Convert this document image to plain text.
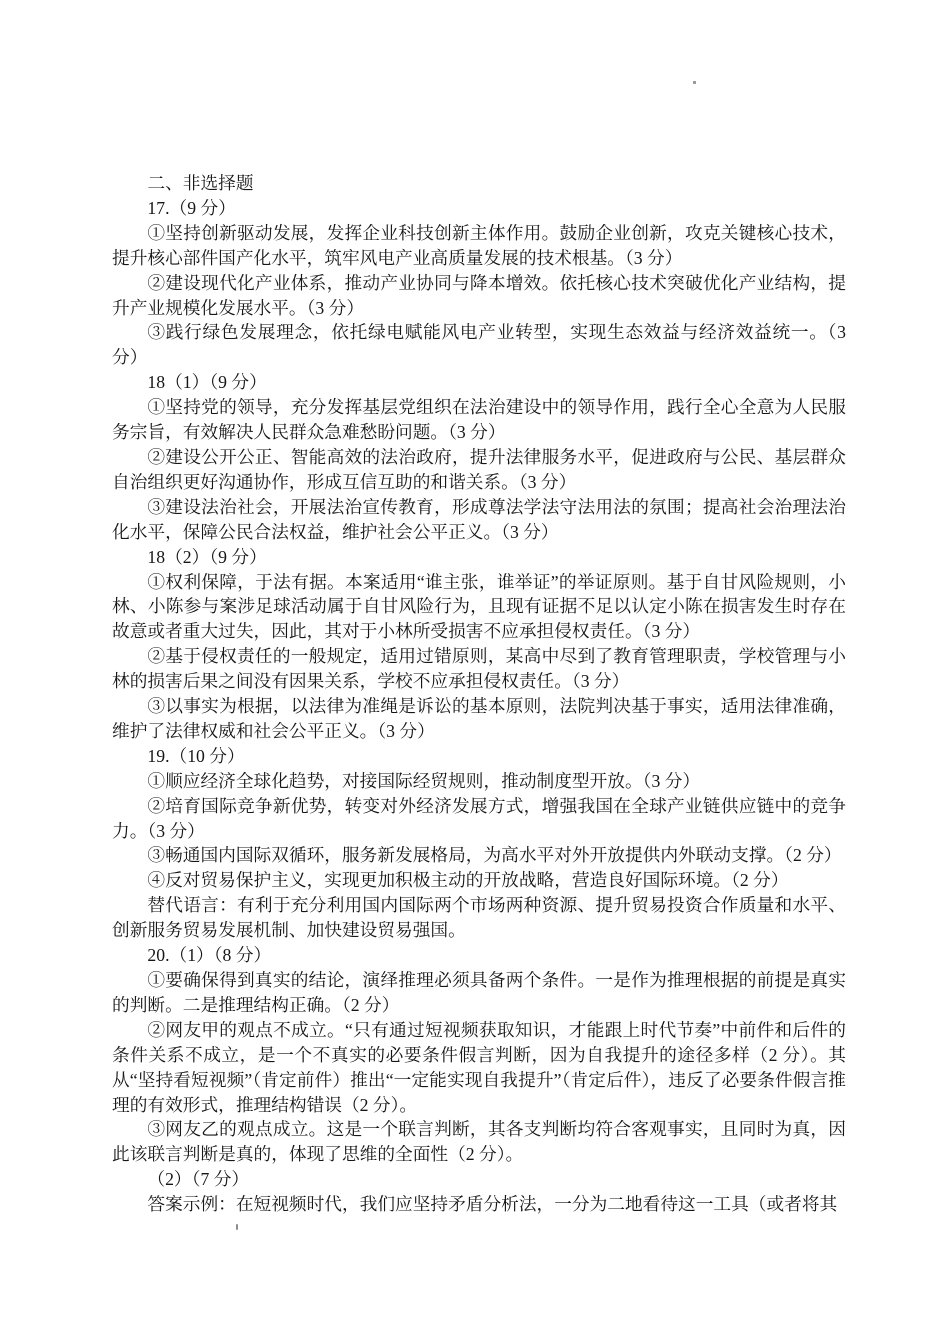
二、非选择题
17.（9 分）
①坚持创新驱动发展，发挥企业科技创新主体作用。鼓励企业创新，攻克关键核心技术，提升核心部件国产化水平，筑牢风电产业高质量发展的技术根基。（3 分）
②建设现代化产业体系，推动产业协同与降本增效。依托核心技术突破优化产业结构，提升产业规模化发展水平。（3 分）
③践行绿色发展理念，依托绿电赋能风电产业转型，实现生态效益与经济效益统一。（3 分）
18（1）（9 分）
①坚持党的领导，充分发挥基层党组织在法治建设中的领导作用，践行全心全意为人民服务宗旨，有效解决人民群众急难愁盼问题。（3 分）
②建设公开公正、智能高效的法治政府，提升法律服务水平，促进政府与公民、基层群众自治组织更好沟通协作，形成互信互助的和谐关系。（3 分）
③建设法治社会，开展法治宣传教育，形成尊法学法守法用法的氛围；提高社会治理法治化水平，保障公民合法权益，维护社会公平正义。（3 分）
18（2）（9 分）
①权利保障，于法有据。本案适用“谁主张，谁举证”的举证原则。基于自甘风险规则，小林、小陈参与案涉足球活动属于自甘风险行为，且现有证据不足以认定小陈在损害发生时存在故意或者重大过失，因此，其对于小林所受损害不应承担侵权责任。（3 分）
②基于侵权责任的一般规定，适用过错原则，某高中尽到了教育管理职责，学校管理与小林的损害后果之间没有因果关系，学校不应承担侵权责任。（3 分）
③以事实为根据，以法律为准绳是诉讼的基本原则，法院判决基于事实，适用法律准确，维护了法律权威和社会公平正义。（3 分）
19.（10 分）
①顺应经济全球化趋势，对接国际经贸规则，推动制度型开放。（3 分）
②培育国际竞争新优势，转变对外经济发展方式，增强我国在全球产业链供应链中的竞争力。（3 分）
③畅通国内国际双循环，服务新发展格局，为高水平对外开放提供内外联动支撑。（2 分）
④反对贸易保护主义，实现更加积极主动的开放战略，营造良好国际环境。（2 分）
替代语言：有利于充分利用国内国际两个市场两种资源、提升贸易投资合作质量和水平、创新服务贸易发展机制、加快建设贸易强国。
20.（1）（8 分）
①要确保得到真实的结论，演绎推理必须具备两个条件。一是作为推理根据的前提是真实的判断。二是推理结构正确。（2 分）
②网友甲的观点不成立。“只有通过短视频获取知识，才能跟上时代节奏”中前件和后件的条件关系不成立，是一个不真实的必要条件假言判断，因为自我提升的途径多样（2 分）。其从“坚持看短视频”（肯定前件）推出“一定能实现自我提升”（肯定后件），违反了必要条件假言推理的有效形式，推理结构错误（2 分）。
③网友乙的观点成立。这是一个联言判断，其各支判断均符合客观事实，且同时为真，因此该联言判断是真的，体现了思维的全面性（2 分）。
（2）（7 分）
答案示例：在短视频时代，我们应坚持矛盾分析法，一分为二地看待这一工具（或者将其
